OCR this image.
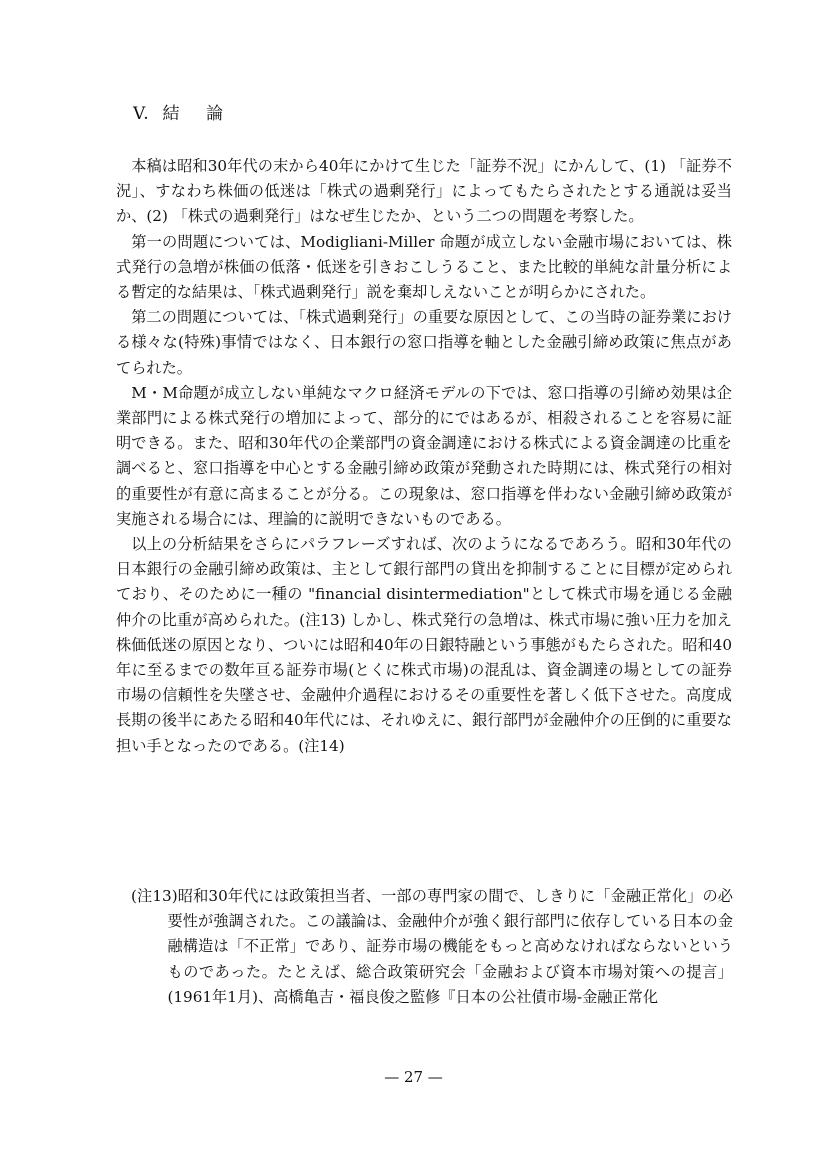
V.  結    論

本稿は昭和30年代の末から40年にかけて生じた「証券不況」にかんして、(1) 「証券不況」、すなわち株価の低迷は「株式の過剰発行」によってもたらされたとする通説は妥当か、(2) 「株式の過剰発行」はなぜ生じたか、という二つの問題を考察した。

第一の問題については、Modigliani-Miller 命題が成立しない金融市場においては、株式発行の急増が株価の低落・低迷を引きおこしうること、また比較的単純な計量分析による暫定的な結果は、「株式過剰発行」説を棄却しえないことが明らかにされた。

第二の問題については、「株式過剰発行」の重要な原因として、この当時の証券業における様々な(特殊)事情ではなく、日本銀行の窓口指導を軸とした金融引締め政策に焦点があてられた。

M・M命題が成立しない単純なマクロ経済モデルの下では、窓口指導の引締め効果は企業部門による株式発行の増加によって、部分的にではあるが、相殺されることを容易に証明できる。また、昭和30年代の企業部門の資金調達における株式による資金調達の比重を調べると、窓口指導を中心とする金融引締め政策が発動された時期には、株式発行の相対的重要性が有意に高まることが分る。この現象は、窓口指導を伴わない金融引締め政策が実施される場合には、理論的に説明できないものである。

以上の分析結果をさらにパラフレーズすれば、次のようになるであろう。昭和30年代の日本銀行の金融引締め政策は、主として銀行部門の貸出を抑制することに目標が定められており、そのために一種の "financial disintermediation"として株式市場を通じる金融仲介の比重が高められた。(注13) しかし、株式発行の急増は、株式市場に強い圧力を加え株価低迷の原因となり、ついには昭和40年の日銀特融という事態がもたらされた。昭和40年に至るまでの数年亘る証券市場(とくに株式市場)の混乱は、資金調達の場としての証券市場の信頼性を失墜させ、金融仲介過程におけるその重要性を著しく低下させた。高度成長期の後半にあたる昭和40年代には、それゆえに、銀行部門が金融仲介の圧倒的に重要な担い手となったのである。(注14)

(注13)昭和30年代には政策担当者、一部の専門家の間で、しきりに「金融正常化」の必要性が強調された。この議論は、金融仲介が強く銀行部門に依存している日本の金融構造は「不正常」であり、証券市場の機能をもっと高めなければならないというものであった。たとえば、総合政策研究会「金融および資本市場対策への提言」(1961年1月)、高橋亀吉・福良俊之監修『日本の公社債市場-金融正常化

— 27 —
